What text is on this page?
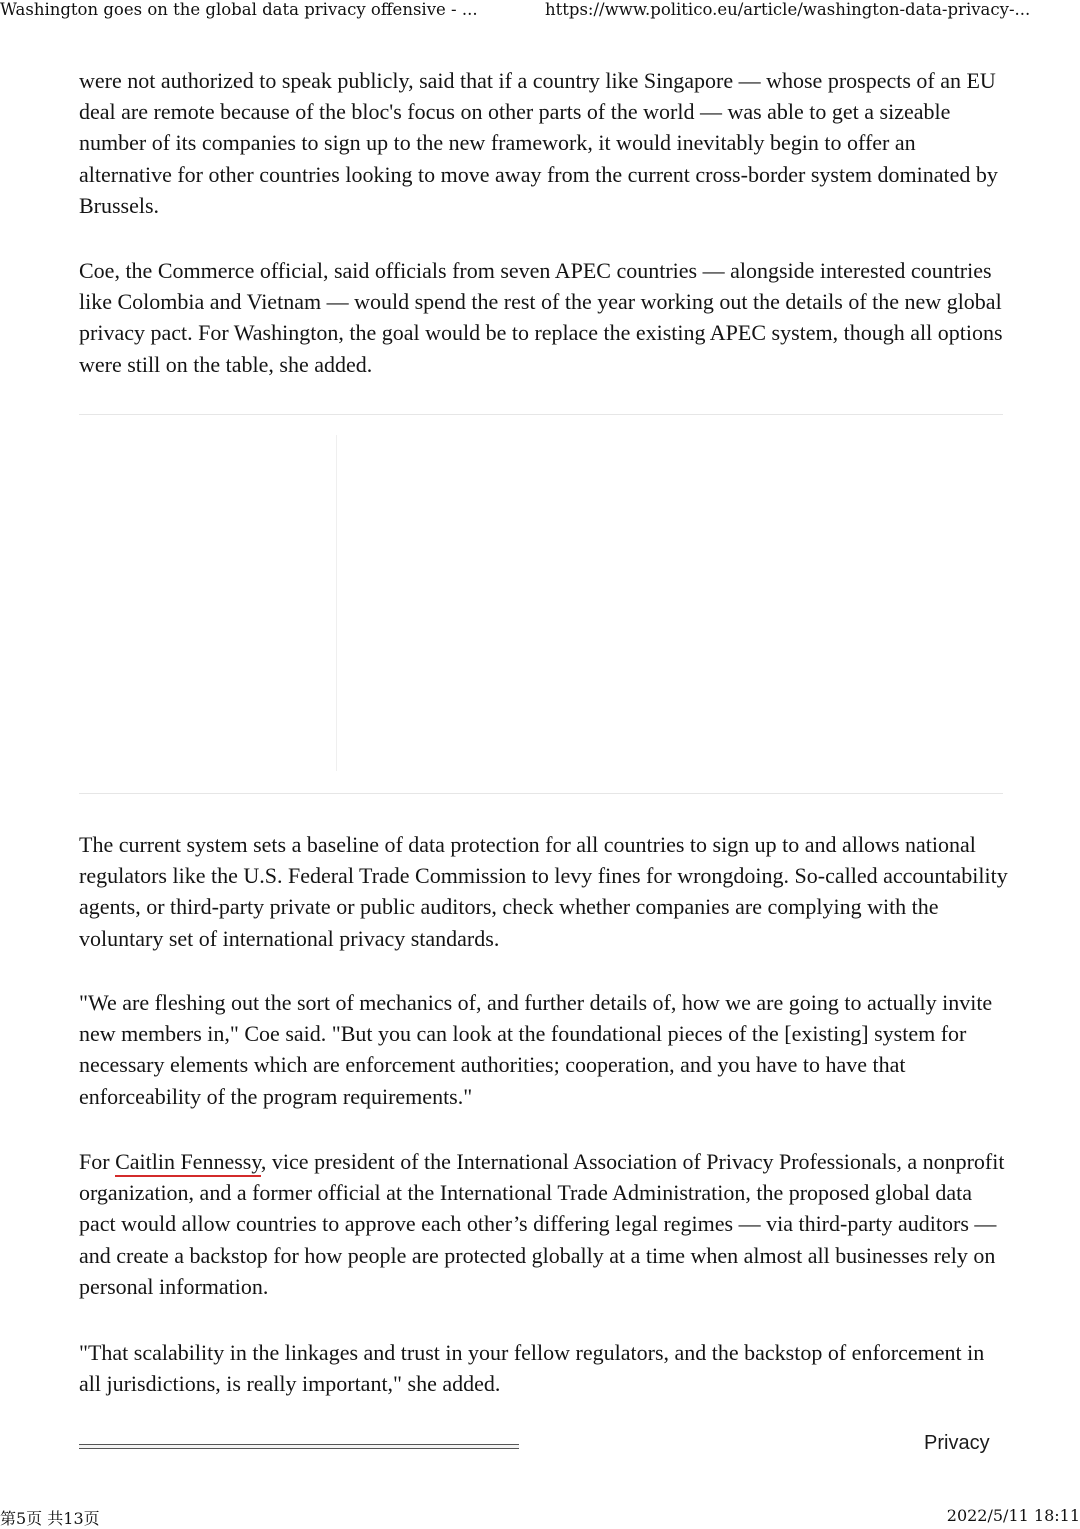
Washington goes on the global data privacy offensive - ...	https://www.politico.eu/article/washington-data-privacy-...

were not authorized to speak publicly, said that if a country like Singapore — whose prospects of an EU deal are remote because of the bloc's focus on other parts of the world — was able to get a sizeable number of its companies to sign up to the new framework, it would inevitably begin to offer an alternative for other countries looking to move away from the current cross-border system dominated by Brussels.

Coe, the Commerce official, said officials from seven APEC countries — alongside interested countries like Colombia and Vietnam — would spend the rest of the year working out the details of the new global privacy pact. For Washington, the goal would be to replace the existing APEC system, though all options were still on the table, she added.

The current system sets a baseline of data protection for all countries to sign up to and allows national regulators like the U.S. Federal Trade Commission to levy fines for wrongdoing. So-called accountability agents, or third-party private or public auditors, check whether companies are complying with the voluntary set of international privacy standards.

"We are fleshing out the sort of mechanics of, and further details of, how we are going to actually invite new members in," Coe said. "But you can look at the foundational pieces of the [existing] system for necessary elements which are enforcement authorities; cooperation, and you have to have that enforceability of the program requirements."

For Caitlin Fennessy, vice president of the International Association of Privacy Professionals, a nonprofit organization, and a former official at the International Trade Administration, the proposed global data pact would allow countries to approve each other’s differing legal regimes — via third-party auditors — and create a backstop for how people are protected globally at a time when almost all businesses rely on personal information.

"That scalability in the linkages and trust in your fellow regulators, and the backstop of enforcement in all jurisdictions, is really important," she added.

Privacy
第5页 共13页	2022/5/11 18:11
